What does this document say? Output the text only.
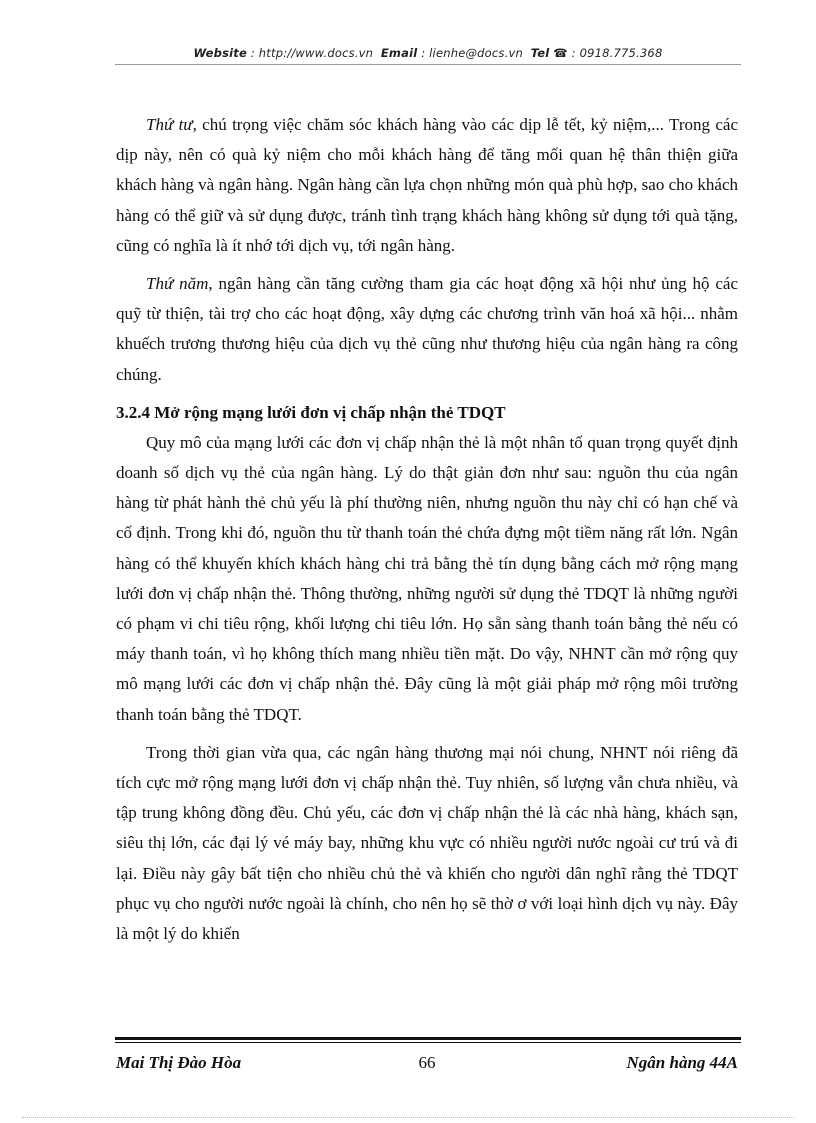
Website : http://www.docs.vn Email : lienhe@docs.vn Tel ☎ : 0918.775.368

Thứ tư, chú trọng việc chăm sóc khách hàng vào các dịp lễ tết, kỷ niệm,... Trong các dịp này, nên có quà kỷ niệm cho mỗi khách hàng để tăng mối quan hệ thân thiện giữa khách hàng và ngân hàng. Ngân hàng cần lựa chọn những món quà phù hợp, sao cho khách hàng có thể giữ và sử dụng được, tránh tình trạng khách hàng không sử dụng tới quà tặng, cũng có nghĩa là ít nhớ tới dịch vụ, tới ngân hàng.

Thứ năm, ngân hàng cần tăng cường tham gia các hoạt động xã hội như ủng hộ các quỹ từ thiện, tài trợ cho các hoạt động, xây dựng các chương trình văn hoá xã hội... nhằm khuếch trương thương hiệu của dịch vụ thẻ cũng như thương hiệu của ngân hàng ra công chúng.

3.2.4 Mở rộng mạng lưới đơn vị chấp nhận thẻ TDQT

Quy mô của mạng lưới các đơn vị chấp nhận thẻ là một nhân tố quan trọng quyết định doanh số dịch vụ thẻ của ngân hàng. Lý do thật giản đơn như sau: nguồn thu của ngân hàng từ phát hành thẻ chủ yếu là phí thường niên, nhưng nguồn thu này chỉ có hạn chế và cố định. Trong khi đó, nguồn thu từ thanh toán thẻ chứa đựng một tiềm năng rất lớn. Ngân hàng có thể khuyến khích khách hàng chi trả bằng thẻ tín dụng bằng cách mở rộng mạng lưới đơn vị chấp nhận thẻ. Thông thường, những người sử dụng thẻ TDQT là những người có phạm vi chi tiêu rộng, khối lượng chi tiêu lớn. Họ sẵn sàng thanh toán bằng thẻ nếu có máy thanh toán, vì họ không thích mang nhiều tiền mặt. Do vậy, NHNT cần mở rộng quy mô mạng lưới các đơn vị chấp nhận thẻ. Đây cũng là một giải pháp mở rộng môi trường thanh toán bằng thẻ TDQT.

Trong thời gian vừa qua, các ngân hàng thương mại nói chung, NHNT nói riêng đã tích cực mở rộng mạng lưới đơn vị chấp nhận thẻ. Tuy nhiên, số lượng vẫn chưa nhiều, và tập trung không đồng đều. Chủ yếu, các đơn vị chấp nhận thẻ là các nhà hàng, khách sạn, siêu thị lớn, các đại lý vé máy bay, những khu vực có nhiều người nước ngoài cư trú và đi lại. Điều này gây bất tiện cho nhiều chủ thẻ và khiến cho người dân nghĩ rằng thẻ TDQT phục vụ cho người nước ngoài là chính, cho nên họ sẽ thờ ơ với loại hình dịch vụ này. Đây là một lý do khiến

66
Mai Thị Đào Hòa	Ngân hàng 44A
